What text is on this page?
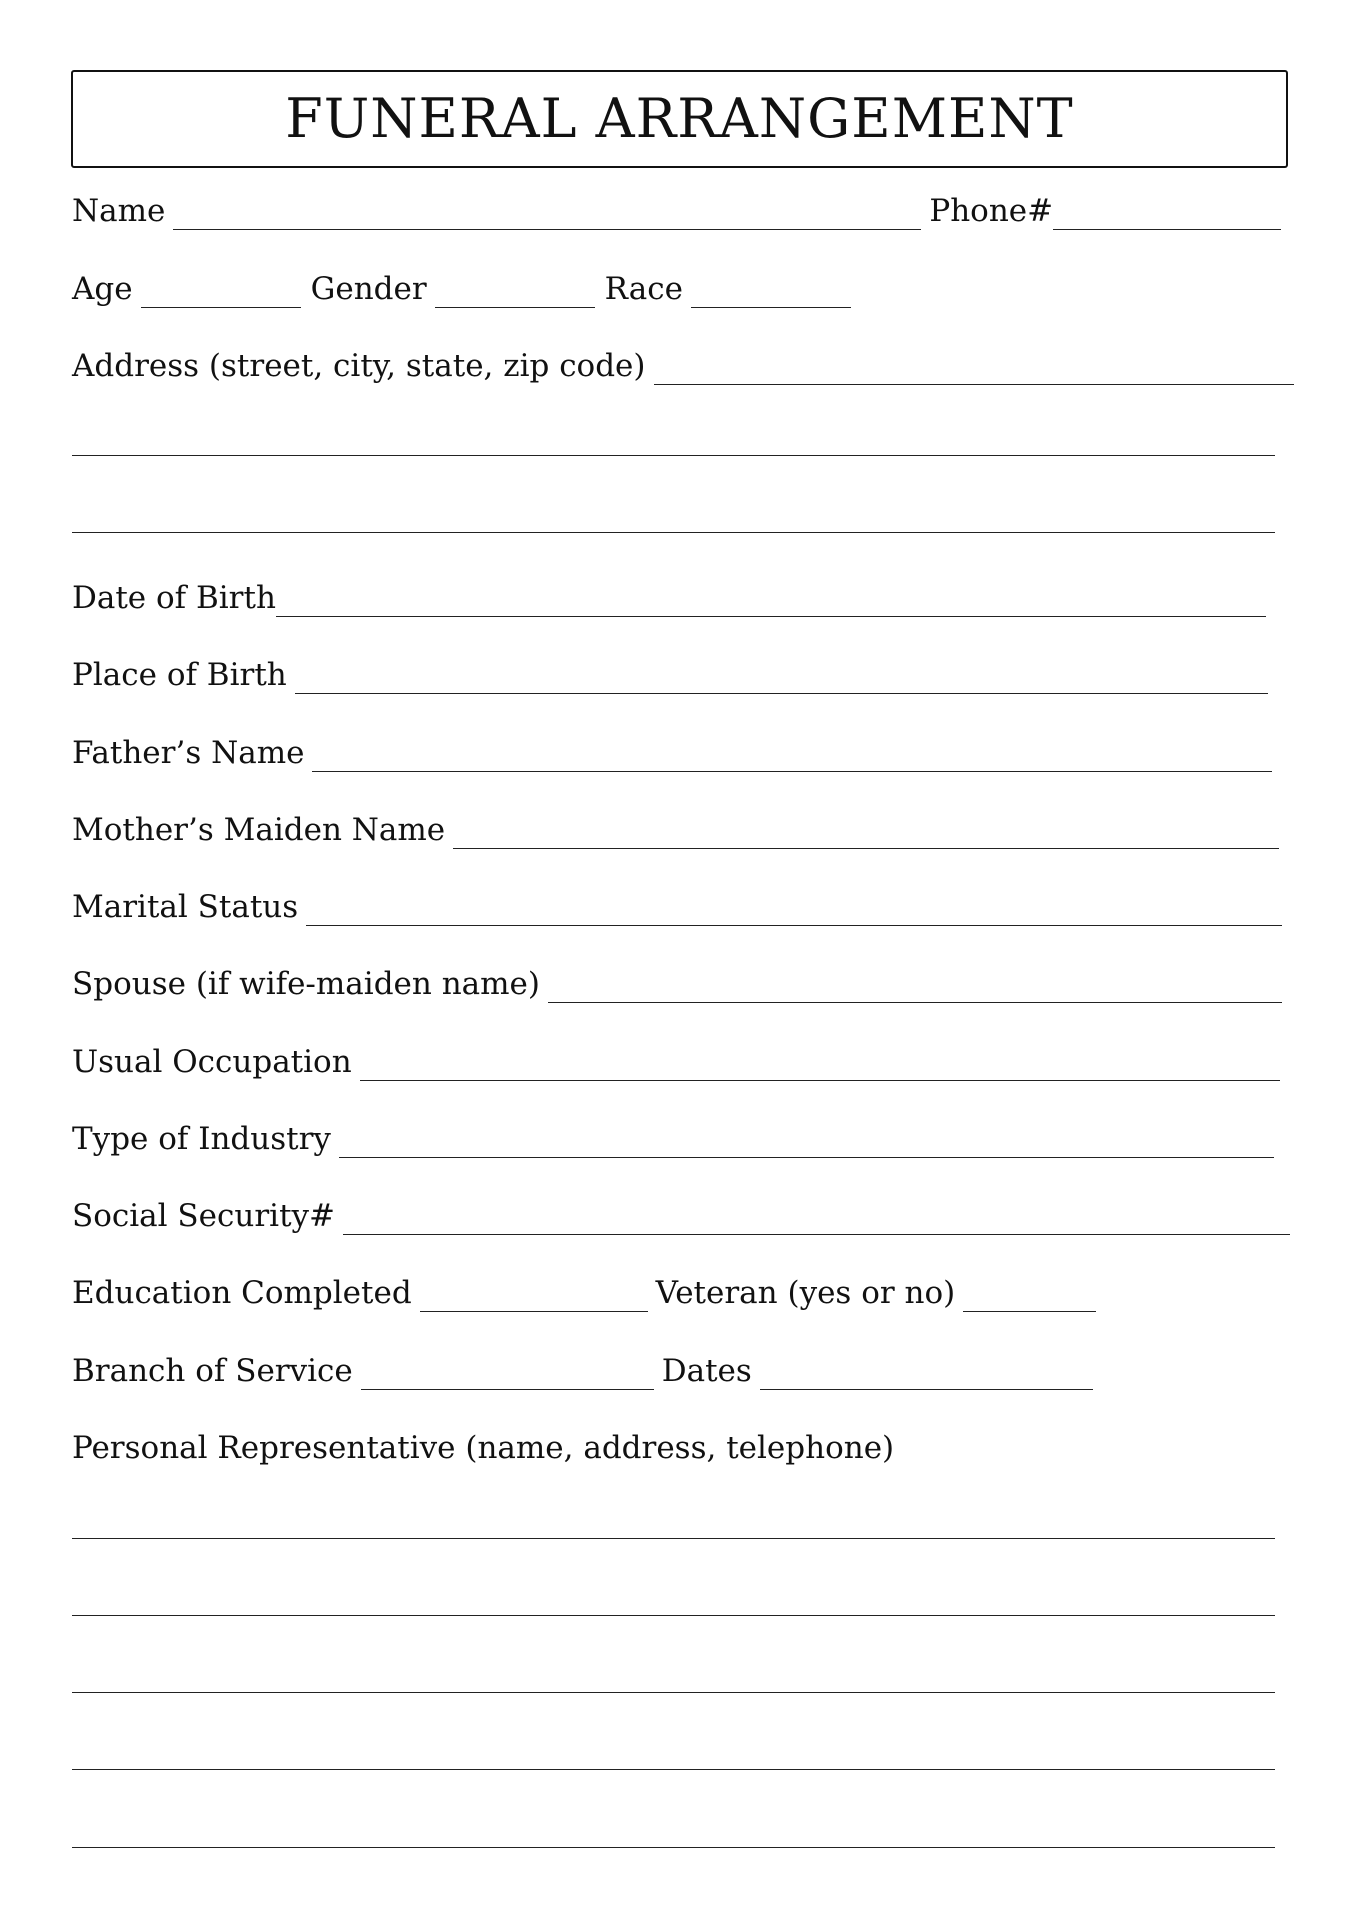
FUNERAL ARRANGEMENT
Name	Phone#
Age	Gender	Race
Address (street, city, state, zip code)
Date of Birth
Place of Birth
Father’s Name
Mother’s Maiden Name
Marital Status
Spouse (if wife-maiden name)
Usual Occupation
Type of Industry
Social Security#
Education Completed	Veteran (yes or no)
Branch of Service	Dates
Personal Representative (name, address, telephone)
